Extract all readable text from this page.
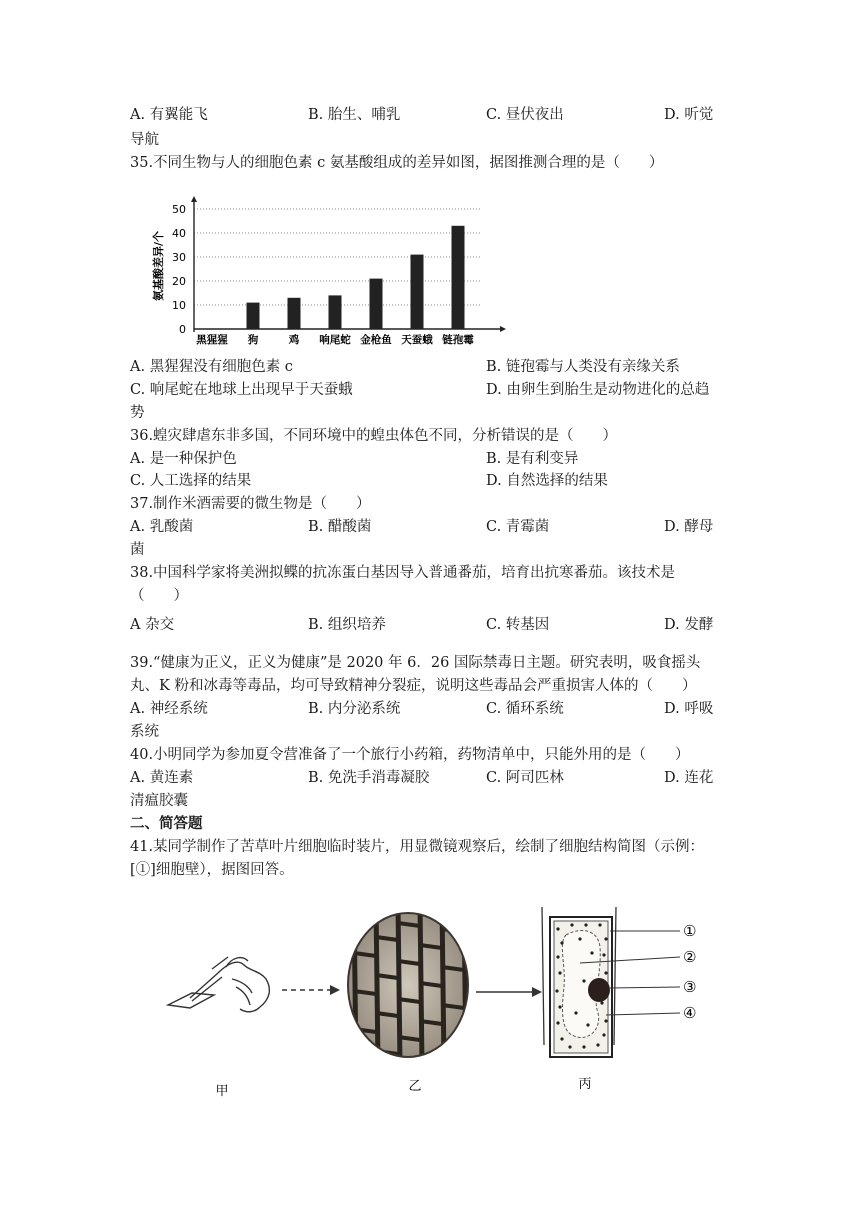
A. 有翼能飞	B. 胎生、哺乳	C. 昼伏夜出	D. 听觉
导航
35.不同生物与人的细胞色素 c 氨基酸组成的差异如图，据图推测合理的是（　　）
氨基酸差异/个
0
10
20
30
40
50
黑猩猩 狗	鸡 响尾蛇 金枪鱼 天蚕蛾 链孢霉
A. 黑猩猩没有细胞色素 c	B. 链孢霉与人类没有亲缘关系
C. 响尾蛇在地球上出现早于天蚕蛾	D. 由卵生到胎生是动物进化的总趋
势
36.蝗灾肆虐东非多国，不同环境中的蝗虫体色不同，分析错误的是（　　）
A. 是一种保护色	B. 是有利变异
C. 人工选择的结果	D. 自然选择的结果
37.制作米酒需要的微生物是（　　）
A. 乳酸菌	B. 醋酸菌	C. 青霉菌	D. 酵母
菌
38.中国科学家将美洲拟鲽的抗冻蛋白基因导入普通番茄，培育出抗寒番茄。该技术是
（　　）
A 杂交	B. 组织培养	C. 转基因	D. 发酵
39.“健康为正义，正义为健康”是 2020 年 6．26 国际禁毒日主题。研究表明，吸食摇头
丸、K 粉和冰毒等毒品，均可导致精神分裂症，说明这些毒品会严重损害人体的（　　）
A. 神经系统	B. 内分泌系统	C. 循环系统	D. 呼吸
系统
40.小明同学为参加夏令营准备了一个旅行小药箱，药物清单中，只能外用的是（　　）
A. 黄连素	B. 免洗手消毒凝胶	C. 阿司匹林	D. 连花
清瘟胶囊
二、简答题
41.某同学制作了苦草叶片细胞临时装片，用显微镜观察后，绘制了细胞结构简图（示例：
[①]细胞壁），据图回答。
①
②
③
④
甲	乙	丙
